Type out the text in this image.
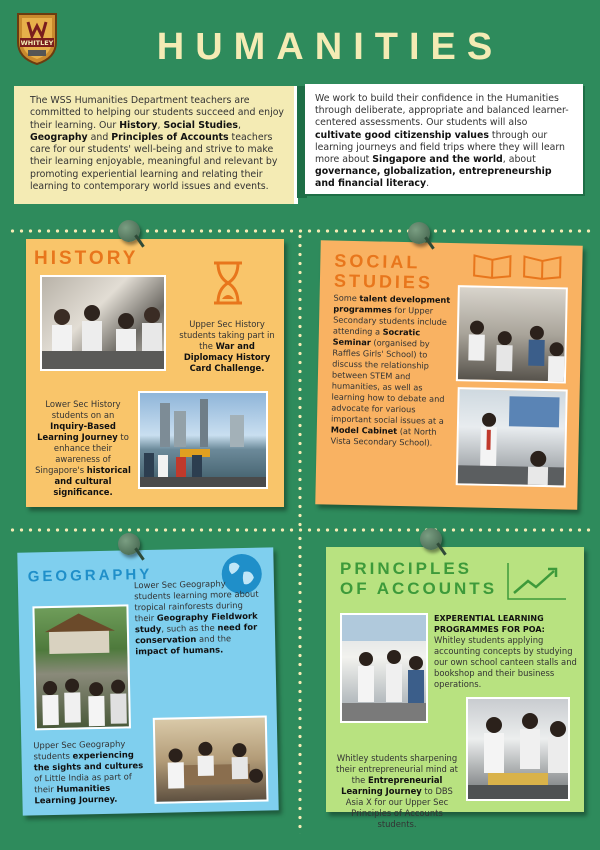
WHITLEY	HUMANITIES
The WSS Humanities Department teachers are committed to helping our students succeed and enjoy their learning. Our History, Social Studies, Geography and Principles of Accounts teachers care for our students' well-being and strive to make their learning enjoyable, meaningful and relevant by promoting experiential learning and relating their learning to contemporary world issues and events.
We work to build their confidence in the Humanities through deliberate, appropriate and balanced learner-centered assessments. Our students will also cultivate good citizenship values through our learning journeys and field trips where they will learn more about Singapore and the world, about governance, globalization, entrepreneurship and financial literacy.
HISTORY
Upper Sec History students taking part in the War and Diplomacy History Card Challenge.
Lower Sec History students on an Inquiry-Based Learning Journey to enhance their awareness of Singapore's historical and cultural significance.
SOCIAL
STUDIES
Some talent development programmes for Upper Secondary students include attending a Socratic Seminar (organised by Raffles Girls' School) to discuss the relationship between STEM and humanities, as well as learning how to debate and advocate for various important social issues at a Model Cabinet (at North Vista Secondary School).
GEOGRAPHY
Lower Sec Geography students learning more about tropical rainforests during their Geography Fieldwork study, such as the need for conservation and the impact of humans.
Upper Sec Geography students experiencing the sights and cultures of Little India as part of their Humanities Learning Journey.
PRINCIPLES
OF ACCOUNTS
EXPERENTIAL LEARNING PROGRAMMES FOR POA:
Whitley students applying accounting concepts by studying our own school canteen stalls and bookshop and their business operations.
Whitley students sharpening their entrepreneurial mind at the Entrepreneurial Learning Journey to DBS Asia X for our Upper Sec Principles of Accounts students.
